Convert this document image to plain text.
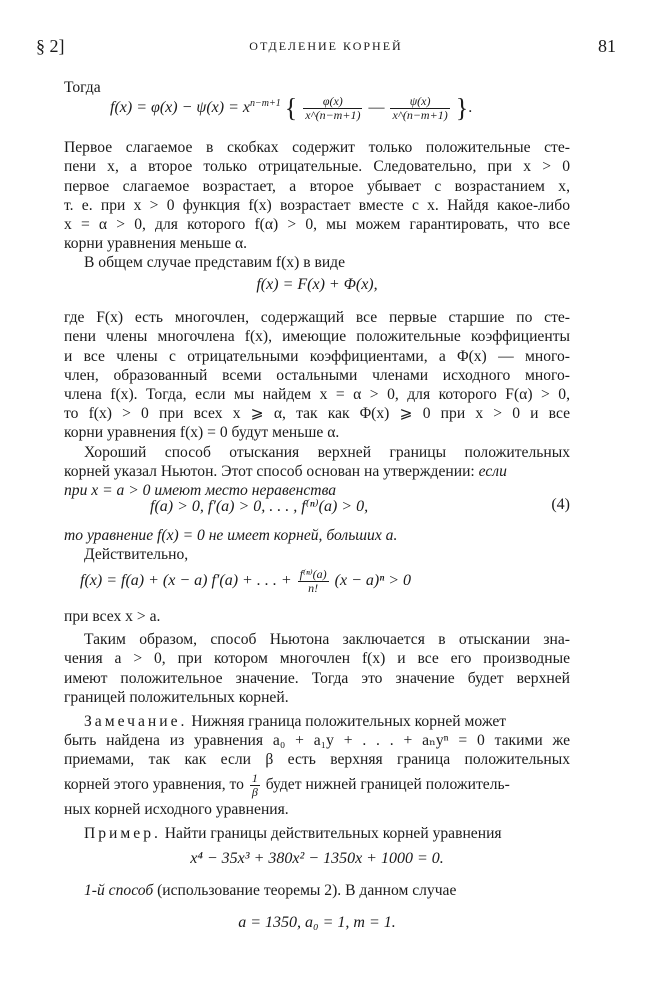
§ 2]	ОТДЕЛЕНИЕ КОРНЕЙ	81
Тогда
$f(x) = \varphi(x) - \psi(x) = x^{n-m+1}$ { $\frac{\varphi(x)}{x\^{}(n-m+1)}$ — $\frac{\psi(x)}{x\^{}(n-m+1)}$ }.
Первое слагаемое в скобках содержит только положительные сте-
пени x, а второе только отрицательные. Следовательно, при x > 0
первое слагаемое возрастает, а второе убывает с возрастанием x,
т. е. при x > 0 функция f(x) возрастает вместе с x. Найдя какое-либо
x = α > 0, для которого f(α) > 0, мы можем гарантировать, что все
корни уравнения меньше α.
В общем случае представим f(x) в виде
f(x) = F(x) + Φ(x),
где F(x) есть многочлен, содержащий все первые старшие по сте-
пени члены многочлена f(x), имеющие положительные коэффициенты
и все члены с отрицательными коэффициентами, а Φ(x) — много-
член, образованный всеми остальными членами исходного много-
члена f(x). Тогда, если мы найдем x = α > 0, для которого F(α) > 0,
то f(x) > 0 при всех x ⩾ α, так как Φ(x) ⩾ 0 при x > 0 и все
корни уравнения f(x) = 0 будут меньше α.
Хороший способ отыскания верхней границы положительных
корней указал Ньютон. Этот способ основан на утверждении: если
при x = a > 0 имеют место неравенства
f(a) > 0, f′(a) > 0, . . . , f⁽ⁿ⁾(a) > 0,	(4)
то уравнение f(x) = 0 не имеет корней, больших a.
Действительно,
f(x) = f(a) + (x − a) f′(a) + . . . + $\frac{\text{f⁽ⁿ⁾(a)}}{n!} (x - a)^n > 0$
при всех x > a.
Таким образом, способ Ньютона заключается в отыскании зна-
чения a > 0, при котором многочлен f(x) и все его производные
имеют положительное значение. Тогда это значение будет верхней
границей положительных корней.
Замечание. Нижняя граница положительных корней может
быть найдена из уравнения a₀ + a₁y + . . . + aₙyⁿ = 0 такими же
приемами, так как если β есть верхняя граница положительных
корней этого уравнения, то $\frac{1}{\beta}$ будет нижней границей положитель-
ных корней исходного уравнения.
Пример. Найти границы действительных корней уравнения
x⁴ − 35x³ + 380x² − 1350x + 1000 = 0.
1-й способ (использование теоремы 2). В данном случае
a = 1350, a₀ = 1, m = 1.
